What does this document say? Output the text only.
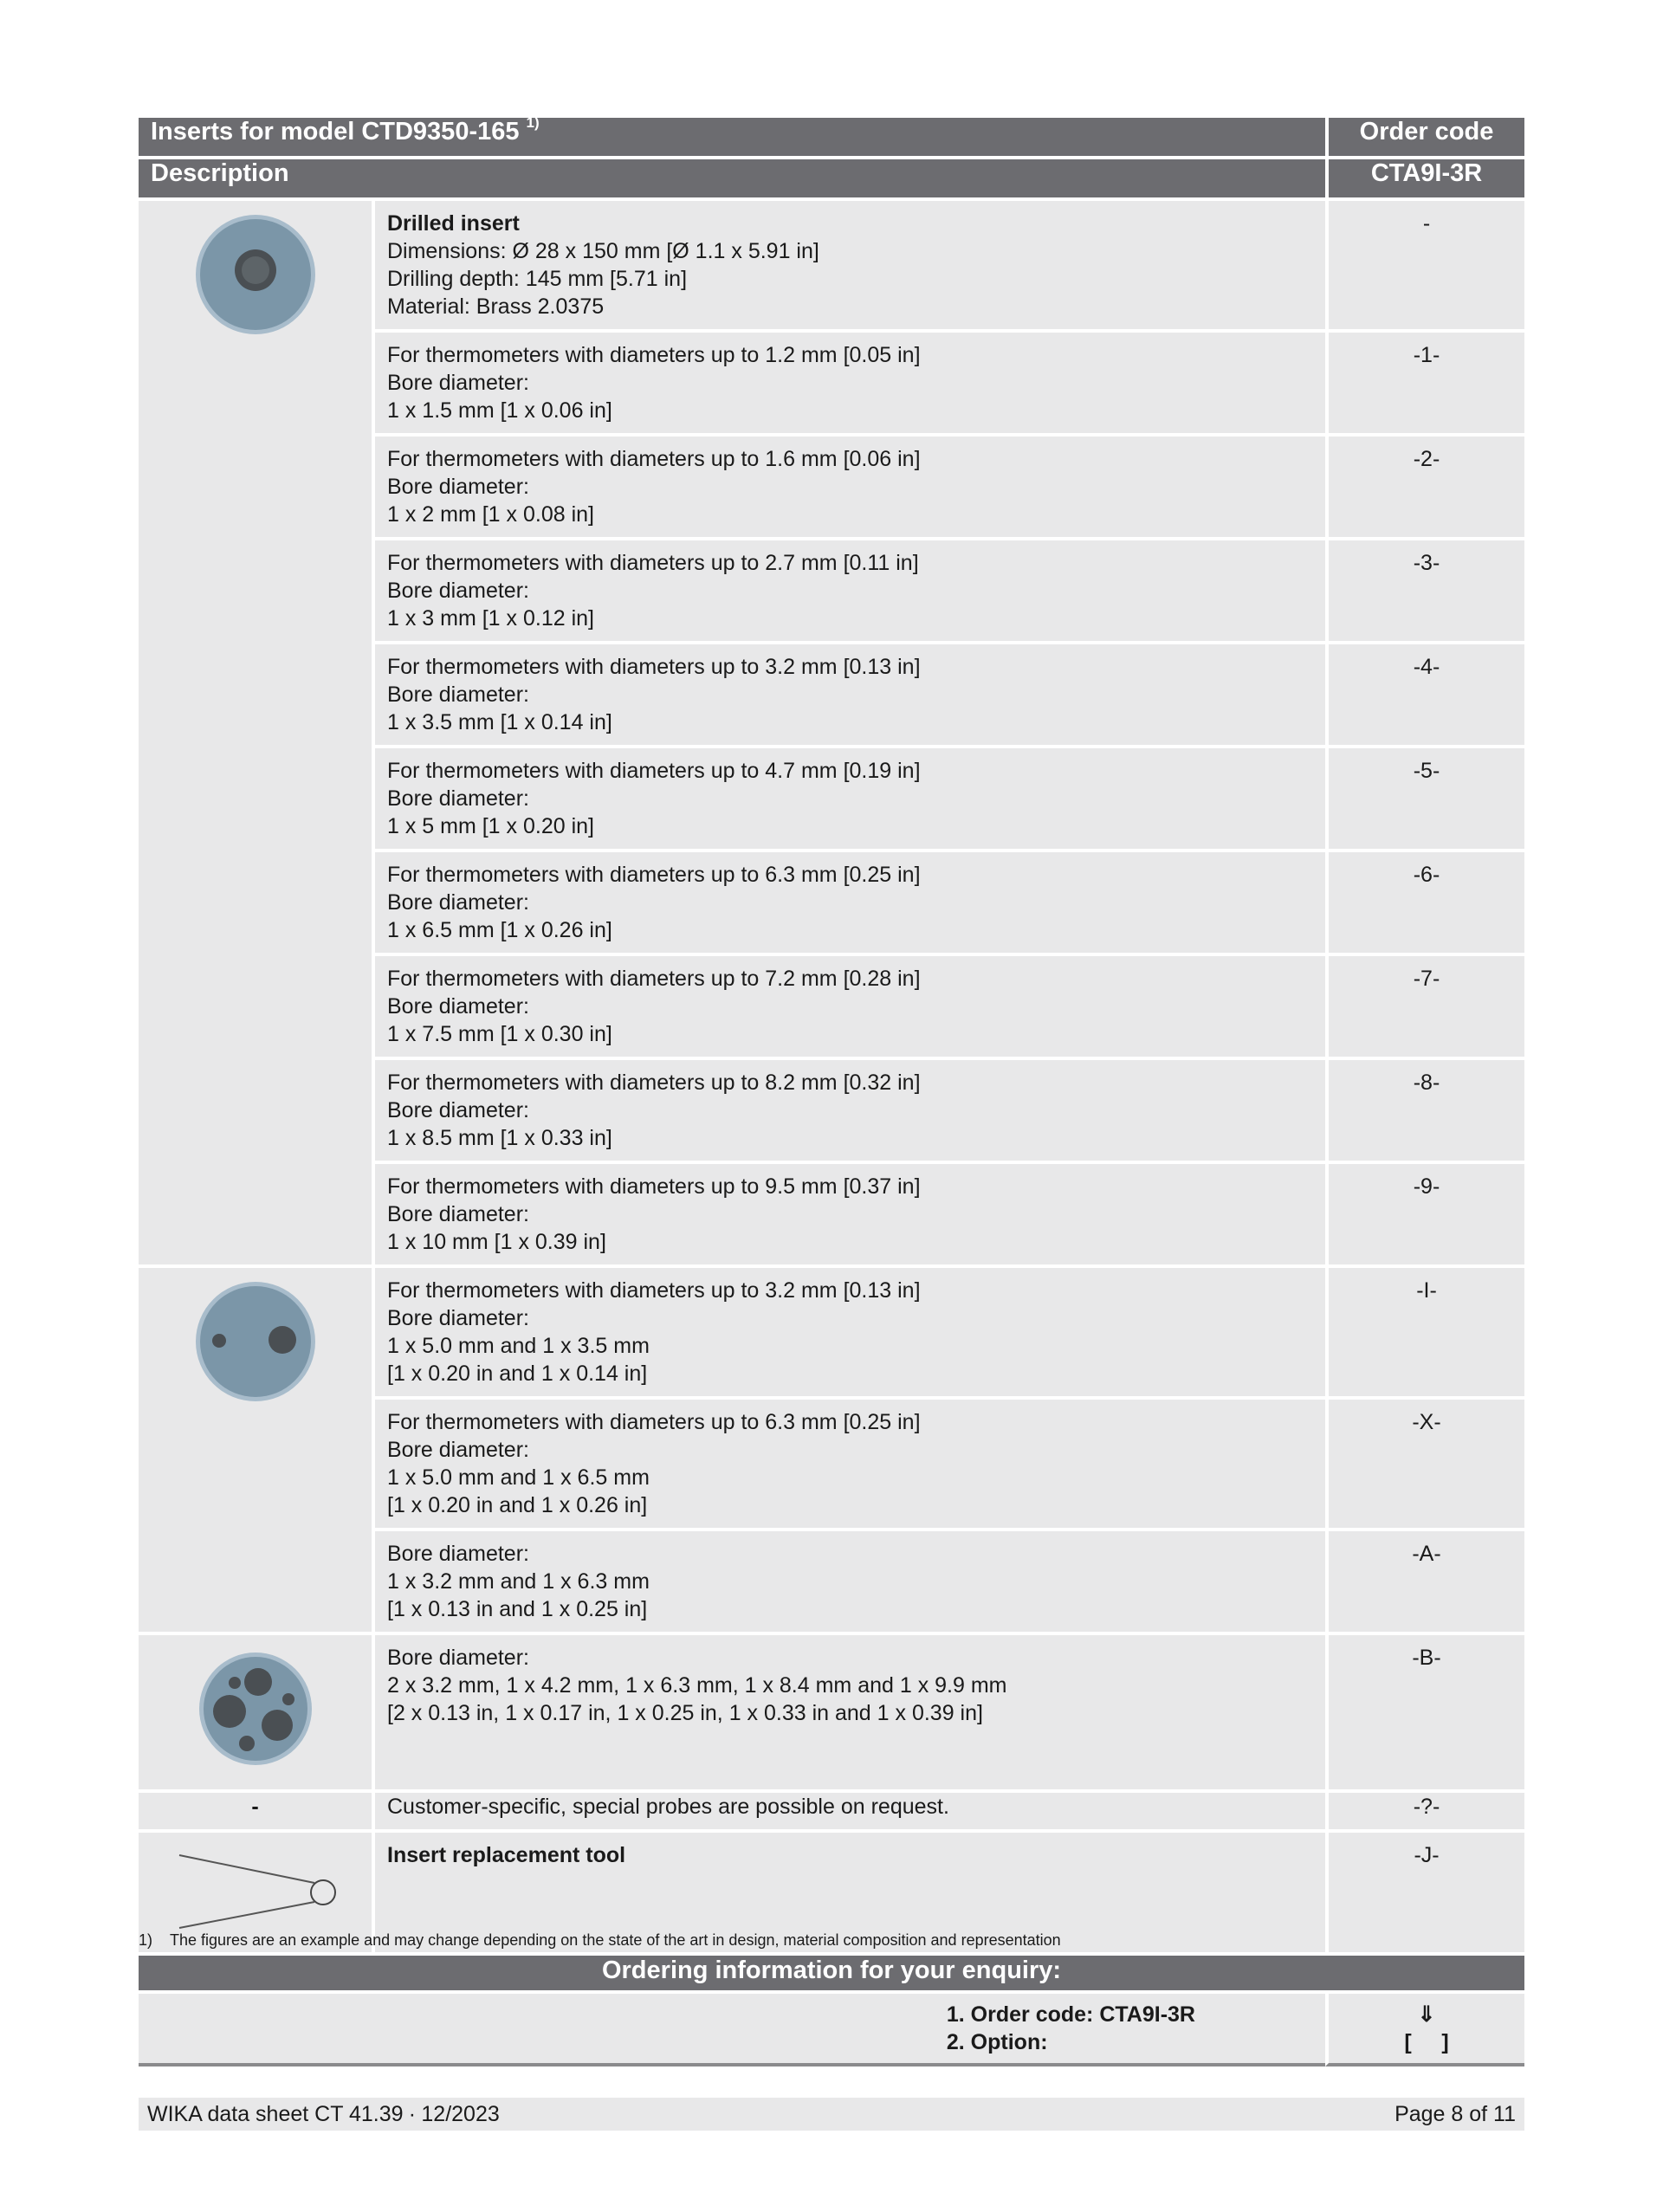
Inserts for model CTD9350-165 $^{1)}$		Order code
Description		CTA9I-3R

Drilled insert
Dimensions: Ø 28 x 150 mm [Ø 1.1 x 5.91 in]
Drilling depth: 145 mm [5.71 in]
Material: Brass 2.0375	-

	For thermometers with diameters up to 1.2 mm [0.05 in]
Bore diameter:
1 x 1.5 mm [1 x 0.06 in]	-1-

	For thermometers with diameters up to 1.6 mm [0.06 in]
Bore diameter:
1 x 2 mm [1 x 0.08 in]	-2-

	For thermometers with diameters up to 2.7 mm [0.11 in]
Bore diameter:
1 x 3 mm [1 x 0.12 in]	-3-

	For thermometers with diameters up to 3.2 mm [0.13 in]
Bore diameter:
1 x 3.5 mm [1 x 0.14 in]	-4-

	For thermometers with diameters up to 4.7 mm [0.19 in]
Bore diameter:
1 x 5 mm [1 x 0.20 in]	-5-

	For thermometers with diameters up to 6.3 mm [0.25 in]
Bore diameter:
1 x 6.5 mm [1 x 0.26 in]	-6-

	For thermometers with diameters up to 7.2 mm [0.28 in]
Bore diameter:
1 x 7.5 mm [1 x 0.30 in]	-7-

	For thermometers with diameters up to 8.2 mm [0.32 in]
Bore diameter:
1 x 8.5 mm [1 x 0.33 in]	-8-

	For thermometers with diameters up to 9.5 mm [0.37 in]
Bore diameter:
1 x 10 mm [1 x 0.39 in]	-9-

For thermometers with diameters up to 3.2 mm [0.13 in]
Bore diameter:
1 x 5.0 mm and 1 x 3.5 mm
[1 x 0.20 in and 1 x 0.14 in]	-I-

	For thermometers with diameters up to 6.3 mm [0.25 in]
Bore diameter:
1 x 5.0 mm and 1 x 6.5 mm
[1 x 0.20 in and 1 x 0.26 in]	-X-

	Bore diameter:
1 x 3.2 mm and 1 x 6.3 mm
[1 x 0.13 in and 1 x 0.25 in]	-A-

Bore diameter:
2 x 3.2 mm, 1 x 4.2 mm, 1 x 6.3 mm, 1 x 8.4 mm and 1 x 9.9 mm
[2 x 0.13 in, 1 x 0.17 in, 1 x 0.25 in, 1 x 0.33 in and 1 x 0.39 in]	-B-
-	Customer-specific, special probes are possible on request.	-?-

Insert replacement tool	-J-
Ordering information for your enquiry:

1. Order code: CTA9I-3R
2. Option:

⇓
[     ]
1) The figures are an example and may change depending on the state of the art in design, material composition and representation
WIKA data sheet CT 41.39 ∙ 12/2023	Page 8 of 11
